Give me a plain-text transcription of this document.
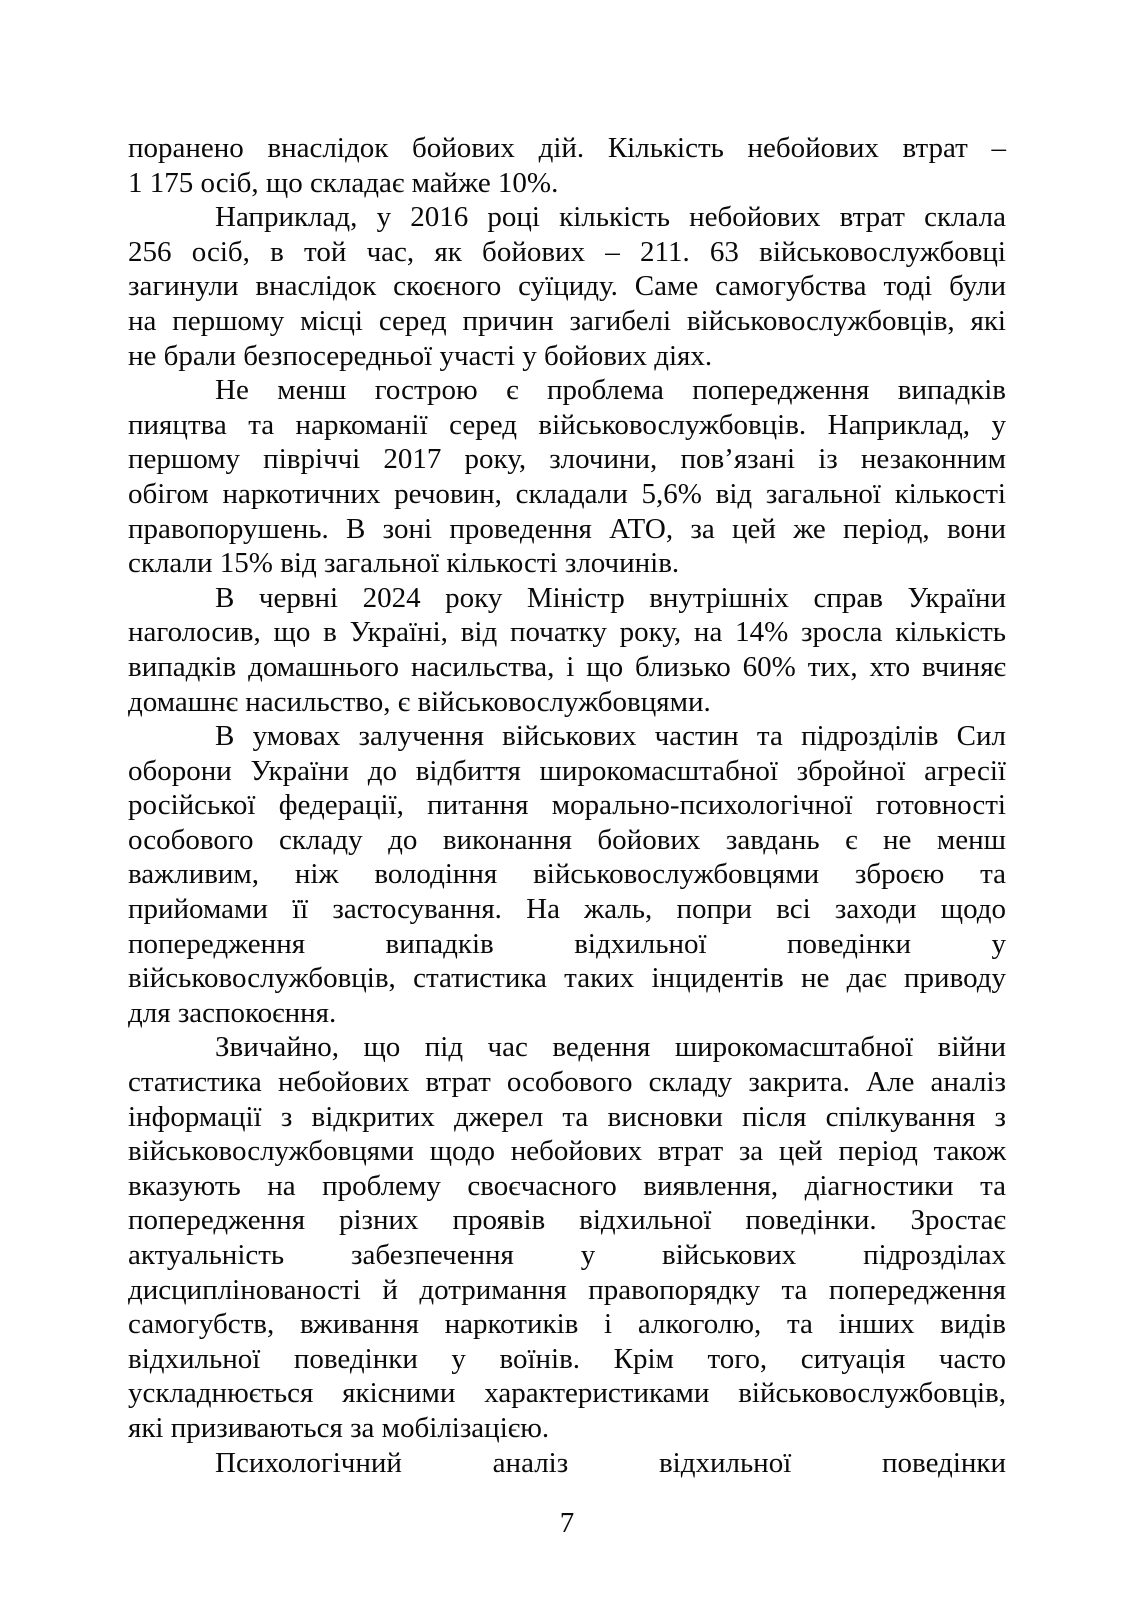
поранено внаслідок бойових дій. Кількість небойових втрат –
1 175 осіб, що складає майже 10%.
Наприклад, у 2016 році кількість небойових втрат склала
256 осіб, в той час, як бойових – 211. 63 військовослужбовці
загинули внаслідок скоєного суїциду. Саме самогубства тоді були
на першому місці серед причин загибелі військовослужбовців, які
не брали безпосередньої участі у бойових діях.
Не менш гострою є проблема попередження випадків
пияцтва та наркоманії серед військовослужбовців. Наприклад, у
першому півріччі 2017 року, злочини, пов’язані із незаконним
обігом наркотичних речовин, складали 5,6% від загальної кількості
правопорушень. В зоні проведення АТО, за цей же період, вони
склали 15% від загальної кількості злочинів.
В червні 2024 року Міністр внутрішніх справ України
наголосив, що в Україні, від початку року, на 14% зросла кількість
випадків домашнього насильства, і що близько 60% тих, хто вчиняє
домашнє насильство, є військовослужбовцями.
В умовах залучення військових частин та підрозділів Сил
оборони України до відбиття широкомасштабної збройної агресії
російської федерації, питання морально-психологічної готовності
особового складу до виконання бойових завдань є не менш
важливим, ніж володіння військовослужбовцями зброєю та
прийомами її застосування. На жаль, попри всі заходи щодо
попередження випадків відхильної поведінки у
військовослужбовців, статистика таких інцидентів не дає приводу
для заспокоєння.
Звичайно, що під час ведення широкомасштабної війни
статистика небойових втрат особового складу закрита. Але аналіз
інформації з відкритих джерел та висновки після спілкування з
військовослужбовцями щодо небойових втрат за цей період також
вказують на проблему своєчасного виявлення, діагностики та
попередження різних проявів відхильної поведінки. Зростає
актуальність забезпечення у військових підрозділах
дисциплінованості й дотримання правопорядку та попередження
самогубств, вживання наркотиків і алкоголю, та інших видів
відхильної поведінки у воїнів. Крім того, ситуація часто
ускладнюється якісними характеристиками військовослужбовців,
які призиваються за мобілізацією.
Психологічний аналіз відхильної поведінки
7
